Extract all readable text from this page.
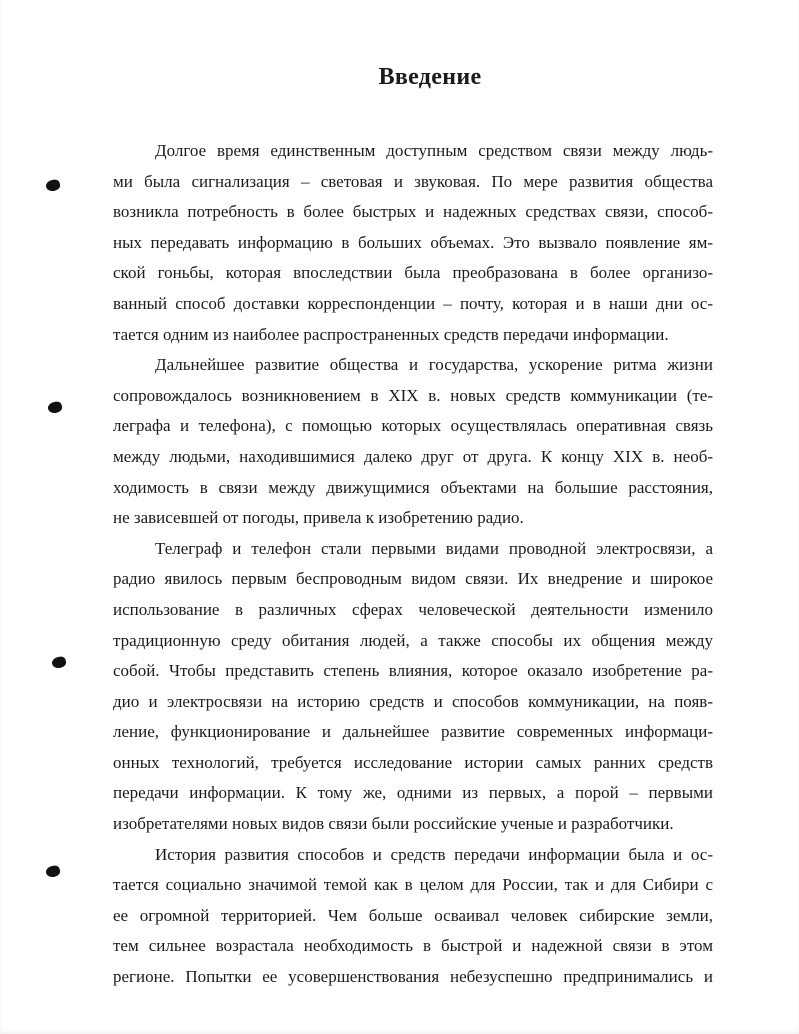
Введение
Долгое время единственным доступным средством связи между людь-
ми была сигнализация – световая и звуковая. По мере развития общества
возникла потребность в более быстрых и надежных средствах связи, способ-
ных передавать информацию в больших объемах. Это вызвало появление ям-
ской гоньбы, которая впоследствии была преобразована в более организо-
ванный способ доставки корреспонденции – почту, которая и в наши дни ос-
тается одним из наиболее распространенных средств передачи информации.
Дальнейшее развитие общества и государства, ускорение ритма жизни
сопровождалось возникновением в XIX в. новых средств коммуникации (те-
леграфа и телефона), с помощью которых осуществлялась оперативная связь
между людьми, находившимися далеко друг от друга. К концу XIX в. необ-
ходимость в связи между движущимися объектами на большие расстояния,
не зависевшей от погоды, привела к изобретению радио.
Телеграф и телефон стали первыми видами проводной электросвязи, а
радио явилось первым беспроводным видом связи. Их внедрение и широкое
использование в различных сферах человеческой деятельности изменило
традиционную среду обитания людей, а также способы их общения между
собой. Чтобы представить степень влияния, которое оказало изобретение ра-
дио и электросвязи на историю средств и способов коммуникации, на появ-
ление, функционирование и дальнейшее развитие современных информаци-
онных технологий, требуется исследование истории самых ранних средств
передачи информации. К тому же, одними из первых, а порой – первыми
изобретателями новых видов связи были российские ученые и разработчики.
История развития способов и средств передачи информации была и ос-
тается социально значимой темой как в целом для России, так и для Сибири с
ее огромной территорией. Чем больше осваивал человек сибирские земли,
тем сильнее возрастала необходимость в быстрой и надежной связи в этом
регионе. Попытки ее усовершенствования небезуспешно предпринимались и
